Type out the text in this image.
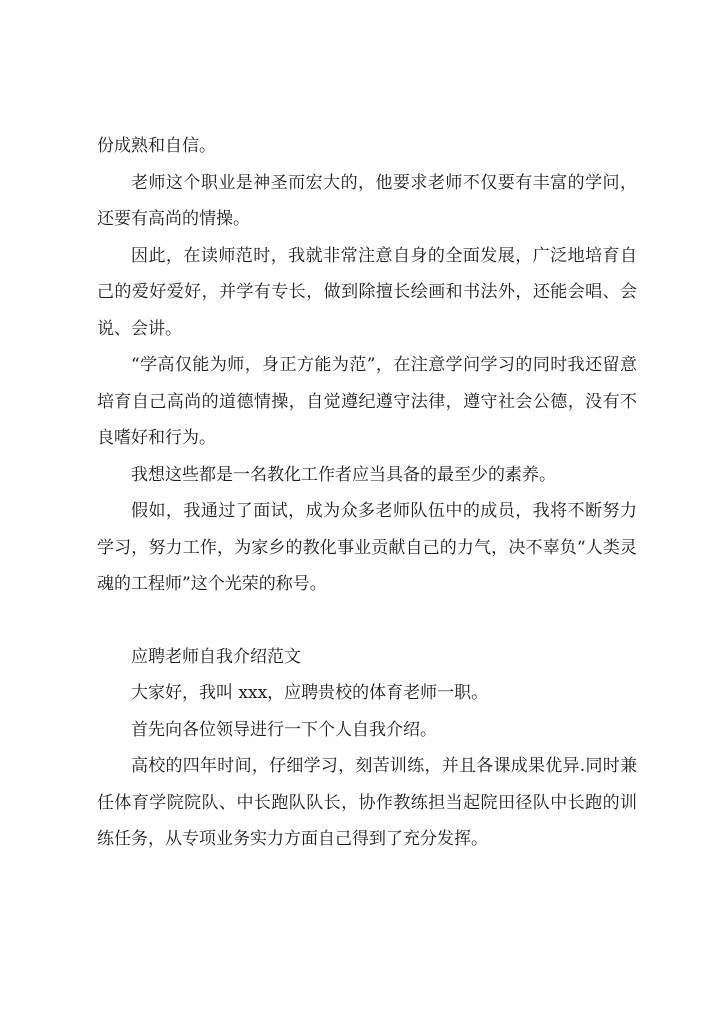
份成熟和自信。

老师这个职业是神圣而宏大的，他要求老师不仅要有丰富的学问，还要有高尚的情操。

因此，在读师范时，我就非常注意自身的全面发展，广泛地培育自己的爱好爱好，并学有专长，做到除擅长绘画和书法外，还能会唱、会说、会讲。

“学高仅能为师，身正方能为范”，在注意学问学习的同时我还留意培育自己高尚的道德情操，自觉遵纪遵守法律，遵守社会公德，没有不良嗜好和行为。

我想这些都是一名教化工作者应当具备的最至少的素养。

假如，我通过了面试，成为众多老师队伍中的成员，我将不断努力学习，努力工作，为家乡的教化事业贡献自己的力气，决不辜负“人类灵魂的工程师”这个光荣的称号。

应聘老师自我介绍范文

大家好，我叫 xxx，应聘贵校的体育老师一职。

首先向各位领导进行一下个人自我介绍。

高校的四年时间，仔细学习，刻苦训练，并且各课成果优异.同时兼任体育学院院队、中长跑队队长，协作教练担当起院田径队中长跑的训练任务，从专项业务实力方面自己得到了充分发挥。
